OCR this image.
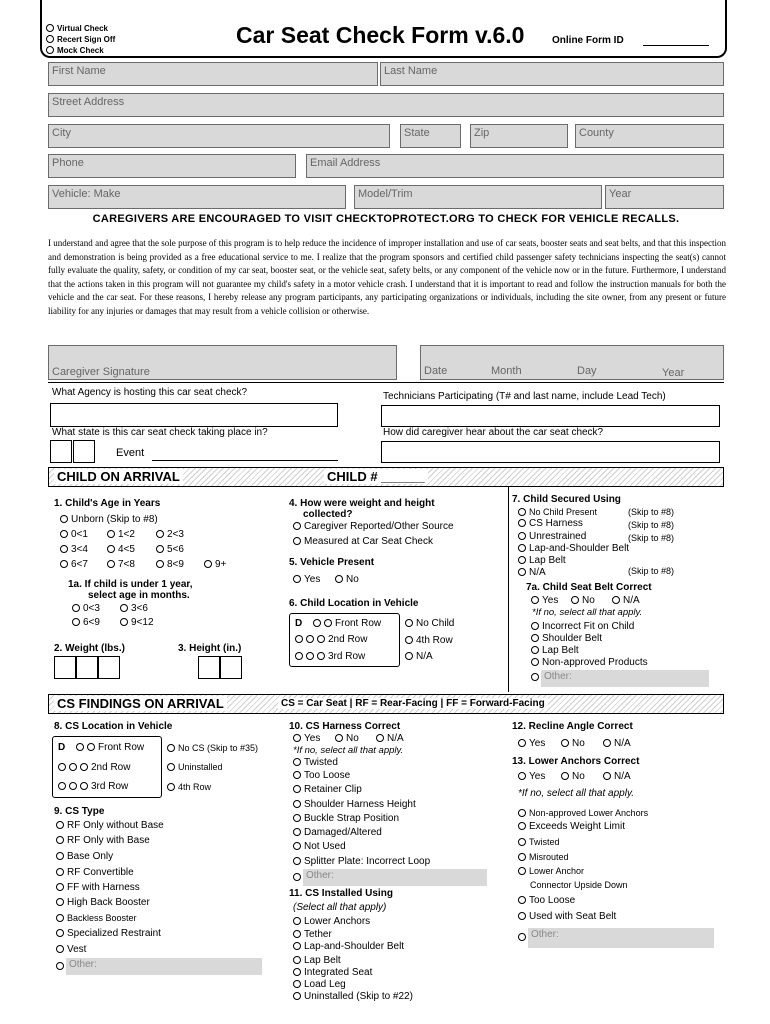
Virtual Check
Recert Sign Off
Mock Check
Car Seat Check Form v.6.0	Online Form ID
First Name	Last Name
Street Address
City	State	Zip	County
Phone	Email Address
Vehicle: Make	Model/Trim	Year
CAREGIVERS ARE ENCOURAGED TO VISIT CHECKTOPROTECT.ORG TO CHECK FOR VEHICLE RECALLS.
I understand and agree that the sole purpose of this program is to help reduce the incidence of improper installation and use of car seats, booster seats and seat belts, and that this inspection and demonstration is being provided as a free educational service to me. I realize that the program sponsors and certified child passenger safety technicians inspecting the seat(s) cannot fully evaluate the quality, safety, or condition of my car seat, booster seat, or the vehicle seat, safety belts, or any component of the vehicle now or in the future. Furthermore, I understand that the actions taken in this program will not guarantee my child's safety in a motor vehicle crash. I understand that it is important to read and follow the instruction manuals for both the vehicle and the car seat. For these reasons, I hereby release any program participants, any participating organizations or individuals, including the site owner, from any present or future liability for any injuries or damages that may result from a vehicle collision or otherwise.
Caregiver Signature	Date	Month	Day	Year
What Agency is hosting this car seat check?	Technicians Participating (T# and last name, include Lead Tech)
What state is this car seat check taking place in?	How did caregiver hear about the car seat check?
Event
CHILD ON ARRIVAL	CHILD # ______
1. Child's Age in Years
Unborn (Skip to #8)
0<1	1<2	2<3
3<4	4<5	5<6
6<7	7<8	8<9	9+
1a. If child is under 1 year,
select age in months.
0<3	3<6
6<9	9<12
2. Weight (lbs.)	3. Height (in.)
4. How were weight and height
collected?
Caregiver Reported/Other Source
Measured at Car Seat Check
5. Vehicle Present
Yes	No
6. Child Location in Vehicle
D	Front Row
2nd Row
3rd Row
No Child
4th Row
N/A
7. Child Secured Using
No Child Present	(Skip to #8)
CS Harness	(Skip to #8)
Unrestrained	(Skip to #8)
Lap-and-Shoulder Belt
Lap Belt
N/A	(Skip to #8)
7a. Child Seat Belt Correct
Yes	No	N/A
*If no, select all that apply.
Incorrect Fit on Child
Shoulder Belt
Lap Belt
Non-approved Products
Other:
CS FINDINGS ON ARRIVAL	CS = Car Seat | RF = Rear-Facing | FF = Forward-Facing
8. CS Location in Vehicle
D	Front Row
2nd Row
3rd Row
No CS (Skip to #35)
Uninstalled
4th Row
9. CS Type
RF Only without Base
RF Only with Base
Base Only
RF Convertible
FF with Harness
High Back Booster
Backless Booster
Specialized Restraint
Vest
Other:
10. CS Harness Correct
Yes	No	N/A
*If no, select all that apply.
Twisted
Too Loose
Retainer Clip
Shoulder Harness Height
Buckle Strap Position
Damaged/Altered
Not Used
Splitter Plate: Incorrect Loop
Other:
11. CS Installed Using
(Select all that apply)
Lower Anchors
Tether
Lap-and-Shoulder Belt
Lap Belt
Integrated Seat
Load Leg
Uninstalled (Skip to #22)
12. Recline Angle Correct
Yes	No	N/A
13. Lower Anchors Correct
Yes	No	N/A
*If no, select all that apply.
Non-approved Lower Anchors
Exceeds Weight Limit
Twisted
Misrouted
Lower Anchor
Connector Upside Down
Too Loose
Used with Seat Belt
Other:
